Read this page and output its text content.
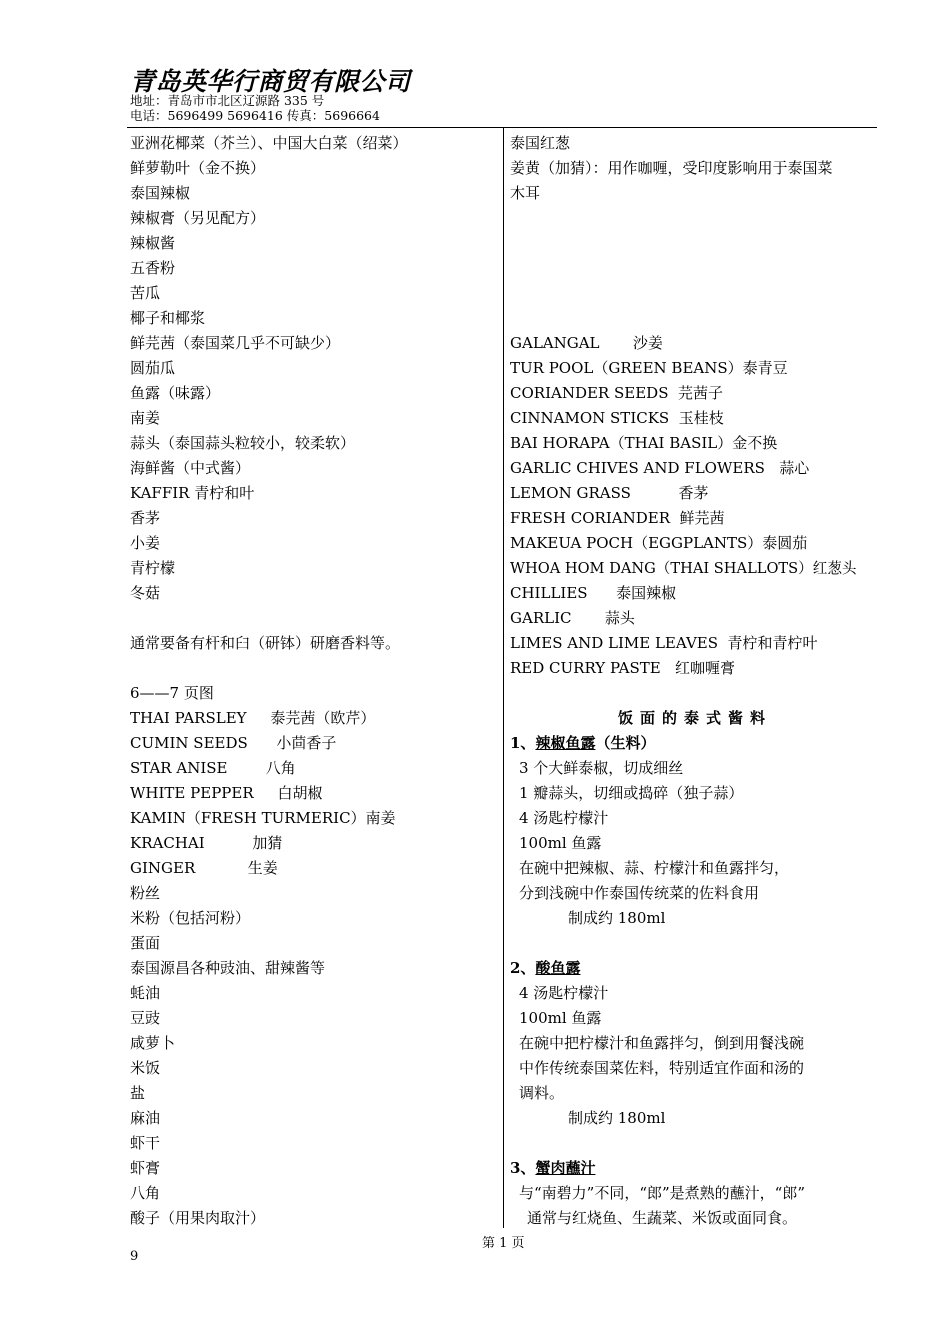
青岛英华行商贸有限公司
地址：青岛市市北区辽源路 335 号
电话：5696499 5696416 传真：5696664
亚洲花椰菜（芥兰）、中国大白菜（绍菜）
鲜萝勒叶（金不换）
泰国辣椒
辣椒膏（另见配方）
辣椒酱
五香粉
苦瓜
椰子和椰浆
鲜芫茜（泰国菜几乎不可缺少）
圆茄瓜
鱼露（味露）
南姜
蒜头（泰国蒜头粒较小，较柔软）
海鲜酱（中式酱）
KAFFIR 青柠和叶
香茅
小姜
青柠檬
冬菇
通常要备有杆和臼（研钵）研磨香料等。
6——7 页图
THAI PARSLEY     泰芫茜（欧芹）
CUMIN SEEDS      小茴香子
STAR ANISE        八角
WHITE PEPPER     白胡椒
KAMIN（FRESH TURMERIC）南姜
KRACHAI          加猜
GINGER           生姜
粉丝
米粉（包括河粉）
蛋面
泰国源昌各种豉油、甜辣酱等
蚝油
豆豉
咸萝卜
米饭
盐
麻油
虾干
虾膏
八角
酸子（用果肉取汁）
泰国红葱
姜黄（加猜）：用作咖喱，受印度影响用于泰国菜
木耳
GALANGAL       沙姜
TUR POOL（GREEN BEANS）泰青豆
CORIANDER SEEDS  芫茜子
CINNAMON STICKS  玉桂枝
BAI HORAPA（THAI BASIL）金不换
GARLIC CHIVES AND FLOWERS   蒜心
LEMON GRASS          香茅
FRESH CORIANDER  鲜芫茜
MAKEUA POCH（EGGPLANTS）泰圆茄
WHOA HOM DANG（THAI SHALLOTS）红葱头
CHILLIES      泰国辣椒
GARLIC       蒜头
LIMES AND LIME LEAVES  青柠和青柠叶
RED CURRY PASTE   红咖喱膏
饭面的泰式酱料
1、辣椒鱼露（生料）
3 个大鲜泰椒，切成细丝
1 瓣蒜头，切细或捣碎（独子蒜）
4 汤匙柠檬汁
100ml 鱼露
在碗中把辣椒、蒜、柠檬汁和鱼露拌匀，
分到浅碗中作泰国传统菜的佐料食用
制成约 180ml
2、酸鱼露
4 汤匙柠檬汁
100ml 鱼露
在碗中把柠檬汁和鱼露拌匀，倒到用餐浅碗
中作传统泰国菜佐料，特别适宜作面和汤的
调料。
制成约 180ml
3、蟹肉蘸汁
与“南碧力”不同，“郎”是煮熟的蘸汁，“郎”
通常与红烧鱼、生蔬菜、米饭或面同食。
第 1 页
9
